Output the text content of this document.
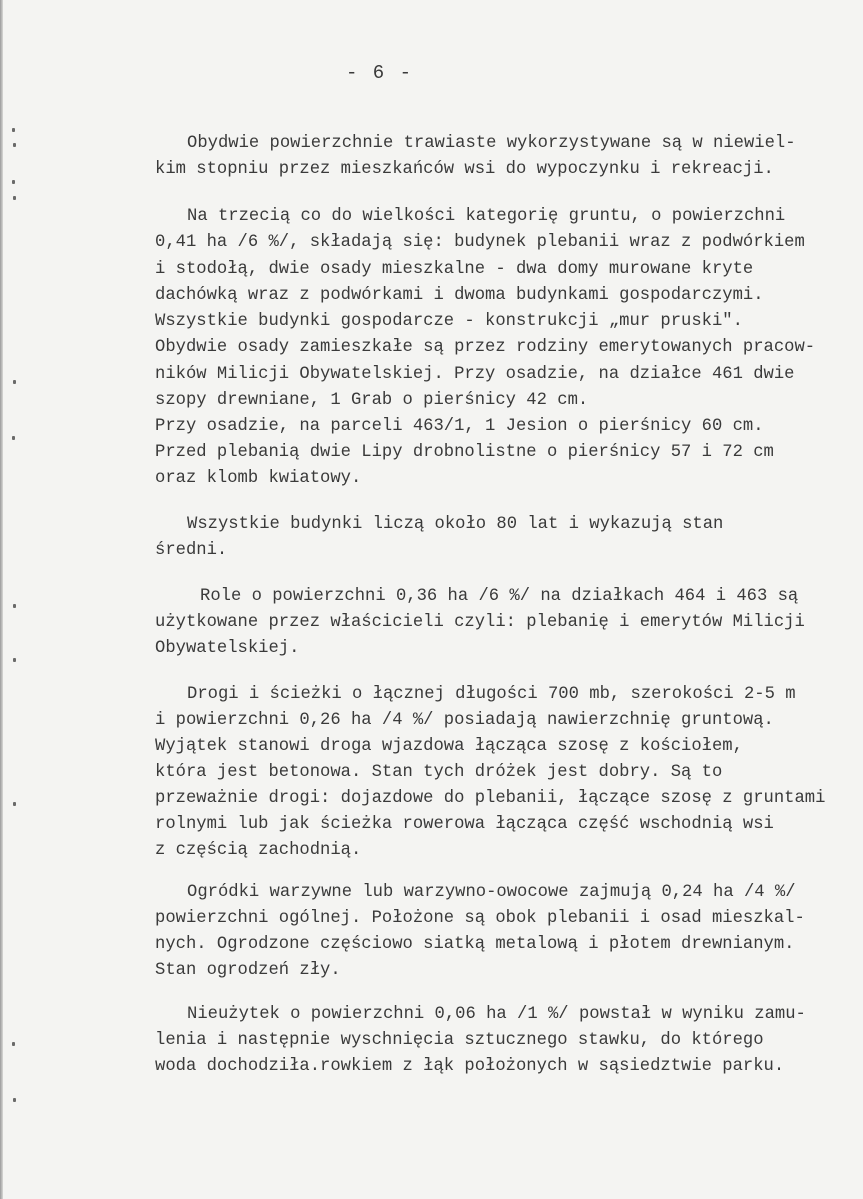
- 6 -
Obydwie powierzchnie trawiaste wykorzystywane są w niewiel-
kim stopniu przez mieszkańców wsi do wypoczynku i rekreacji.
Na trzecią co do wielkości kategorię gruntu, o powierzchni
0,41 ha /6 %/, składają się: budynek plebanii wraz z podwórkiem
i stodołą, dwie osady mieszkalne - dwa domy murowane kryte
dachówką wraz z podwórkami i dwoma budynkami gospodarczymi.
Wszystkie budynki gospodarcze - konstrukcji „mur pruski".
Obydwie osady zamieszkałe są przez rodziny emerytowanych pracow-
ników Milicji Obywatelskiej. Przy osadzie, na działce 461 dwie
szopy drewniane, 1 Grab o pierśnicy 42 cm.
Przy osadzie, na parceli 463/1, 1 Jesion o pierśnicy 60 cm.
Przed plebanią dwie Lipy drobnolistne o pierśnicy 57 i 72 cm
oraz klomb kwiatowy.
Wszystkie budynki liczą około 80 lat i wykazują stan
średni.
Role o powierzchni 0,36 ha /6 %/ na działkach 464 i 463 są
użytkowane przez właścicieli czyli: plebanię i emerytów Milicji
Obywatelskiej.
Drogi i ścieżki o łącznej długości 700 mb, szerokości 2-5 m
i powierzchni 0,26 ha /4 %/ posiadają nawierzchnię gruntową.
Wyjątek stanowi droga wjazdowa łącząca szosę z kościołem,
która jest betonowa. Stan tych dróżek jest dobry. Są to
przeważnie drogi: dojazdowe do plebanii, łączące szosę z gruntami
rolnymi lub jak ścieżka rowerowa łącząca część wschodnią wsi
z częścią zachodnią.
Ogródki warzywne lub warzywno-owocowe zajmują 0,24 ha /4 %/
powierzchni ogólnej. Położone są obok plebanii i osad mieszkal-
nych. Ogrodzone częściowo siatką metalową i płotem drewnianym.
Stan ogrodzeń zły.
Nieużytek o powierzchni 0,06 ha /1 %/ powstał w wyniku zamu-
lenia i następnie wyschnięcia sztucznego stawku, do którego
woda dochodziła.rowkiem z łąk położonych w sąsiedztwie parku.
